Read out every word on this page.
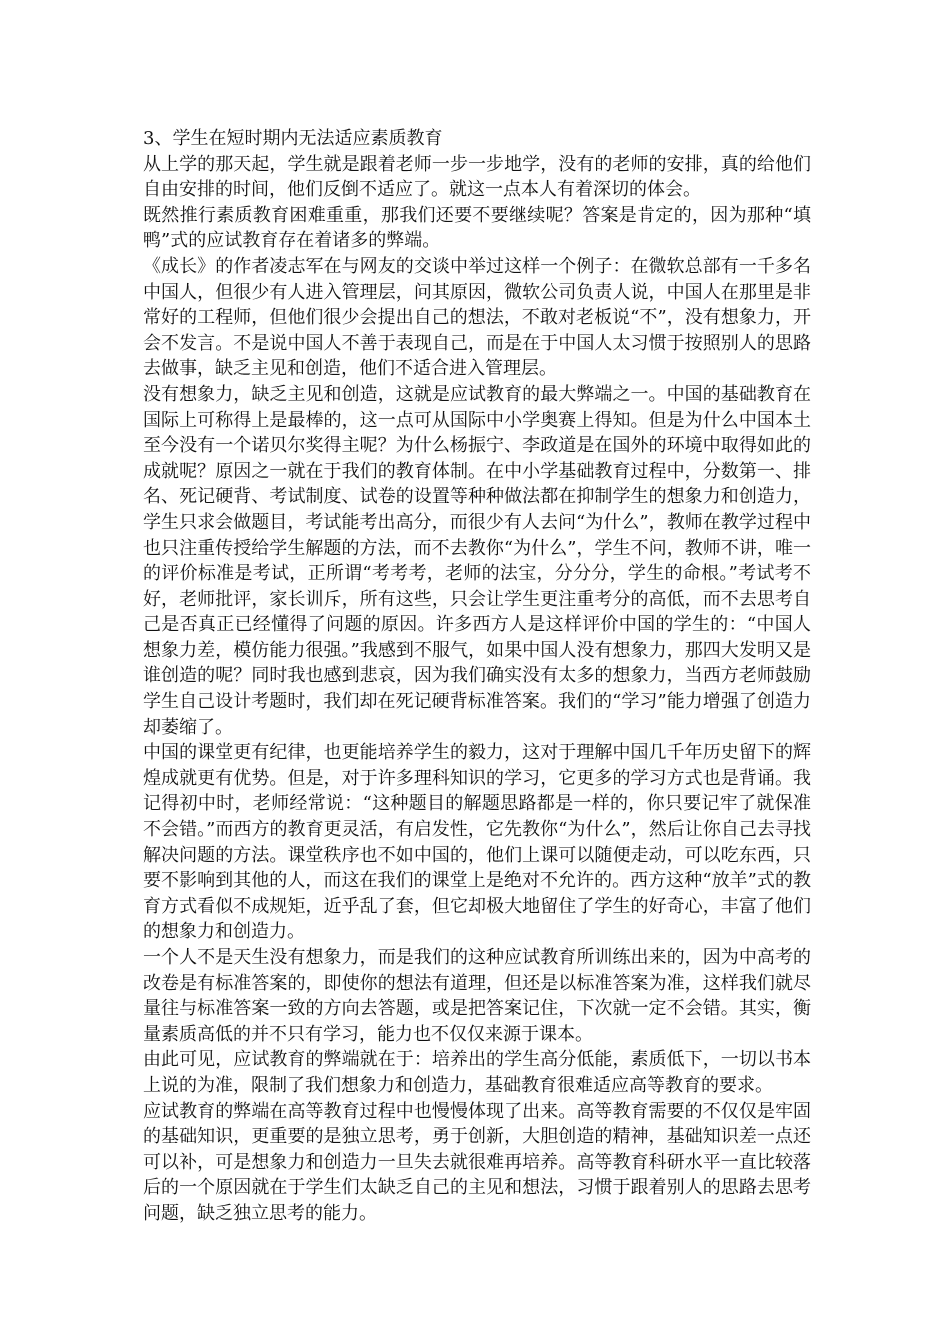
3、学生在短时期内无法适应素质教育

从上学的那天起，学生就是跟着老师一步一步地学，没有的老师的安排，真的给他们自由安排的时间，他们反倒不适应了。就这一点本人有着深切的体会。

既然推行素质教育困难重重，那我们还要不要继续呢？答案是肯定的，因为那种“填鸭”式的应试教育存在着诸多的弊端。

《成长》的作者凌志军在与网友的交谈中举过这样一个例子：在微软总部有一千多名中国人，但很少有人进入管理层，问其原因，微软公司负责人说，中国人在那里是非常好的工程师，但他们很少会提出自己的想法，不敢对老板说“不”，没有想象力，开会不发言。不是说中国人不善于表现自己，而是在于中国人太习惯于按照别人的思路去做事，缺乏主见和创造，他们不适合进入管理层。

没有想象力，缺乏主见和创造，这就是应试教育的最大弊端之一。中国的基础教育在国际上可称得上是最棒的，这一点可从国际中小学奥赛上得知。但是为什么中国本土至今没有一个诺贝尔奖得主呢？为什么杨振宁、李政道是在国外的环境中取得如此的成就呢？原因之一就在于我们的教育体制。在中小学基础教育过程中，分数第一、排名、死记硬背、考试制度、试卷的设置等种种做法都在抑制学生的想象力和创造力，学生只求会做题目，考试能考出高分，而很少有人去问“为什么”，教师在教学过程中也只注重传授给学生解题的方法，而不去教你“为什么”，学生不问，教师不讲，唯一的评价标准是考试，正所谓“考考考，老师的法宝，分分分，学生的命根。”考试考不好，老师批评，家长训斥，所有这些，只会让学生更注重考分的高低，而不去思考自己是否真正已经懂得了问题的原因。许多西方人是这样评价中国的学生的：“中国人想象力差，模仿能力很强。”我感到不服气，如果中国人没有想象力，那四大发明又是谁创造的呢？同时我也感到悲哀，因为我们确实没有太多的想象力，当西方老师鼓励学生自己设计考题时，我们却在死记硬背标准答案。我们的“学习”能力增强了创造力却萎缩了。

中国的课堂更有纪律，也更能培养学生的毅力，这对于理解中国几千年历史留下的辉煌成就更有优势。但是，对于许多理科知识的学习，它更多的学习方式也是背诵。我记得初中时，老师经常说：“这种题目的解题思路都是一样的，你只要记牢了就保准不会错。”而西方的教育更灵活，有启发性，它先教你“为什么”，然后让你自己去寻找解决问题的方法。课堂秩序也不如中国的，他们上课可以随便走动，可以吃东西，只要不影响到其他的人，而这在我们的课堂上是绝对不允许的。西方这种“放羊”式的教育方式看似不成规矩，近乎乱了套，但它却极大地留住了学生的好奇心，丰富了他们的想象力和创造力。

一个人不是天生没有想象力，而是我们的这种应试教育所训练出来的，因为中高考的改卷是有标准答案的，即使你的想法有道理，但还是以标准答案为准，这样我们就尽量往与标准答案一致的方向去答题，或是把答案记住，下次就一定不会错。其实，衡量素质高低的并不只有学习，能力也不仅仅来源于课本。

由此可见，应试教育的弊端就在于：培养出的学生高分低能，素质低下，一切以书本上说的为准，限制了我们想象力和创造力，基础教育很难适应高等教育的要求。

应试教育的弊端在高等教育过程中也慢慢体现了出来。高等教育需要的不仅仅是牢固的基础知识，更重要的是独立思考，勇于创新，大胆创造的精神，基础知识差一点还可以补，可是想象力和创造力一旦失去就很难再培养。高等教育科研水平一直比较落后的一个原因就在于学生们太缺乏自己的主见和想法，习惯于跟着别人的思路去思考问题，缺乏独立思考的能力。
